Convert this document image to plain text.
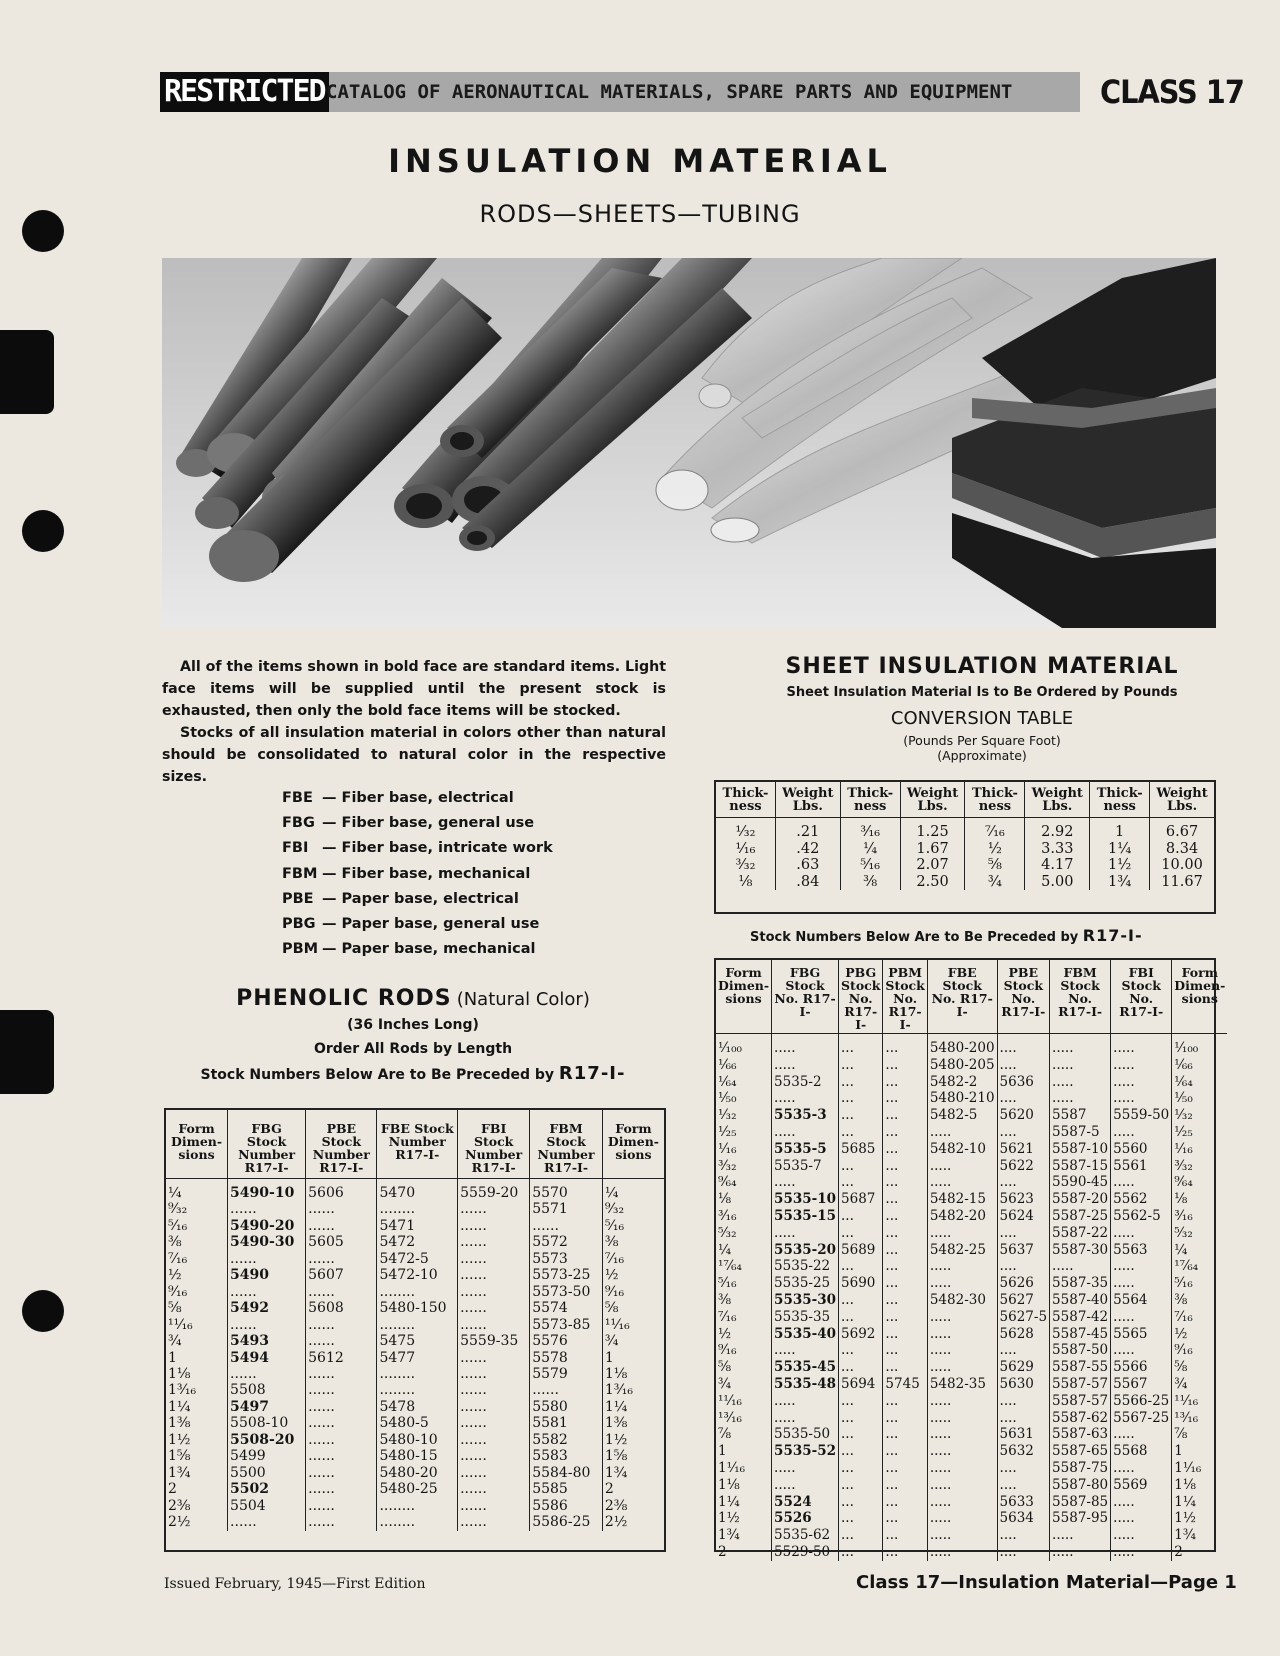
RESTRICTED CATALOG OF AERONAUTICAL MATERIALS, SPARE PARTS AND EQUIPMENT	CLASS 17
INSULATION MATERIAL
RODS—SHEETS—TUBING

All of the items shown in bold face are standard items. Light face items will be supplied until the present stock is exhausted, then only the bold face items will be stocked.

Stocks of all insulation material in colors other than natural should be consolidated to natural color in the respective sizes.

FBE — Fiber base, electrical
FBG — Fiber base, general use
FBI — Fiber base, intricate work
FBM — Fiber base, mechanical
PBE — Paper base, electrical
PBG — Paper base, general use
PBM — Paper base, mechanical
PHENOLIC RODS (Natural Color)
(36 Inches Long)
Order All Rods by Length
Stock Numbers Below Are to Be Preceded by R17-I-
Form Dimen- sions	FBG Stock Number R17-I-	PBE Stock Number R17-I-	FBE Stock Number R17-I-	FBI Stock Number R17-I-	FBM Stock Number R17-I-	Form Dimen- sions
¼	5490-10	5606	5470	5559-20	5570	¼
⁹⁄₃₂	......	......	........	......	5571	⁹⁄₃₂
⁵⁄₁₆	5490-20	......	5471	......	......	⁵⁄₁₆
⅜	5490-30	5605	5472	......	5572	⅜
⁷⁄₁₆	......	......	5472-5	......	5573	⁷⁄₁₆
½	5490	5607	5472-10	......	5573-25	½
⁹⁄₁₆	......	......	........	......	5573-50	⁹⁄₁₆
⅝	5492	5608	5480-150	......	5574	⅝
¹¹⁄₁₆	......	......	........	......	5573-85	¹¹⁄₁₆
¾	5493	......	5475	5559-35	5576	¾
1	5494	5612	5477	......	5578	1
1⅛	......	......	........	......	5579	1⅛
1³⁄₁₆	5508	......	........	......	......	1³⁄₁₆
1¼	5497	......	5478	......	5580	1¼
1⅜	5508-10	......	5480-5	......	5581	1⅜
1½	5508-20	......	5480-10	......	5582	1½
1⅝	5499	......	5480-15	......	5583	1⅝
1¾	5500	......	5480-20	......	5584-80	1¾
2	5502	......	5480-25	......	5585	2
2⅜	5504	......	........	......	5586	2⅜
2½	......	......	........	......	5586-25	2½
SHEET INSULATION MATERIAL
Sheet Insulation Material Is to Be Ordered by Pounds
CONVERSION TABLE
(Pounds Per Square Foot)
(Approximate)
Thick- ness	Weight Lbs.	Thick- ness	Weight Lbs.	Thick- ness	Weight Lbs.	Thick- ness	Weight Lbs.
¹⁄₃₂	.21	³⁄₁₆	1.25	⁷⁄₁₆	2.92	1	6.67
¹⁄₁₆	.42	¼	1.67	½	3.33	1¼	8.34
³⁄₃₂	.63	⁵⁄₁₆	2.07	⅝	4.17	1½	10.00
⅛	.84	⅜	2.50	¾	5.00	1¾	11.67
Stock Numbers Below Are to Be Preceded by R17-I-
Form Dimen- sions	FBG Stock No. R17-I-	PBG Stock No. R17-I-	PBM Stock No. R17-I-	FBE Stock No. R17-I-	PBE Stock No. R17-I-	FBM Stock No. R17-I-	FBI Stock No. R17-I-	Form Dimen- sions
¹⁄₁₀₀	.....	...	...	5480-200	....	.....	.....	¹⁄₁₀₀
¹⁄₆₆	.....	...	...	5480-205	....	.....	.....	¹⁄₆₆
¹⁄₆₄	5535-2	...	...	5482-2	5636	.....	.....	¹⁄₆₄
¹⁄₅₀	.....	...	...	5480-210	....	.....	.....	¹⁄₅₀
¹⁄₃₂	5535-3	...	...	5482-5	5620	5587	5559-50	¹⁄₃₂
¹⁄₂₅	.....	...	...	.....	....	5587-5	.....	¹⁄₂₅
¹⁄₁₆	5535-5	5685	...	5482-10	5621	5587-10	5560	¹⁄₁₆
³⁄₃₂	5535-7	...	...	.....	5622	5587-15	5561	³⁄₃₂
⁹⁄₆₄	.....	...	...	.....	....	5590-45	.....	⁹⁄₆₄
⅛	5535-10	5687	...	5482-15	5623	5587-20	5562	⅛
³⁄₁₆	5535-15	...	...	5482-20	5624	5587-25	5562-5	³⁄₁₆
⁵⁄₃₂	.....	...	...	.....	....	5587-22	.....	⁵⁄₃₂
¼	5535-20	5689	...	5482-25	5637	5587-30	5563	¼
¹⁷⁄₆₄	5535-22	...	...	.....	....	.....	.....	¹⁷⁄₆₄
⁵⁄₁₆	5535-25	5690	...	.....	5626	5587-35	.....	⁵⁄₁₆
⅜	5535-30	...	...	5482-30	5627	5587-40	5564	⅜
⁷⁄₁₆	5535-35	...	...	.....	5627-5	5587-42	.....	⁷⁄₁₆
½	5535-40	5692	...	.....	5628	5587-45	5565	½
⁹⁄₁₆	.....	...	...	.....	....	5587-50	.....	⁹⁄₁₆
⅝	5535-45	...	...	.....	5629	5587-55	5566	⅝
¾	5535-48	5694	5745	5482-35	5630	5587-57	5567	¾
¹¹⁄₁₆	.....	...	...	.....	....	5587-57	5566-25	¹¹⁄₁₆
¹³⁄₁₆	.....	...	...	.....	....	5587-62	5567-25	¹³⁄₁₆
⅞	5535-50	...	...	.....	5631	5587-63	.....	⅞
1	5535-52	...	...	.....	5632	5587-65	5568	1
1¹⁄₁₆	.....	...	...	.....	....	5587-75	.....	1¹⁄₁₆
1⅛	.....	...	...	.....	....	5587-80	5569	1⅛
1¼	5524	...	...	.....	5633	5587-85	.....	1¼
1½	5526	...	...	.....	5634	5587-95	.....	1½
1¾	5535-62	...	...	.....	....	.....	.....	1¾
2	5529-50	...	...	.....	....	.....	.....	2
Issued February, 1945—First Edition	Class 17—Insulation Material—Page 1
